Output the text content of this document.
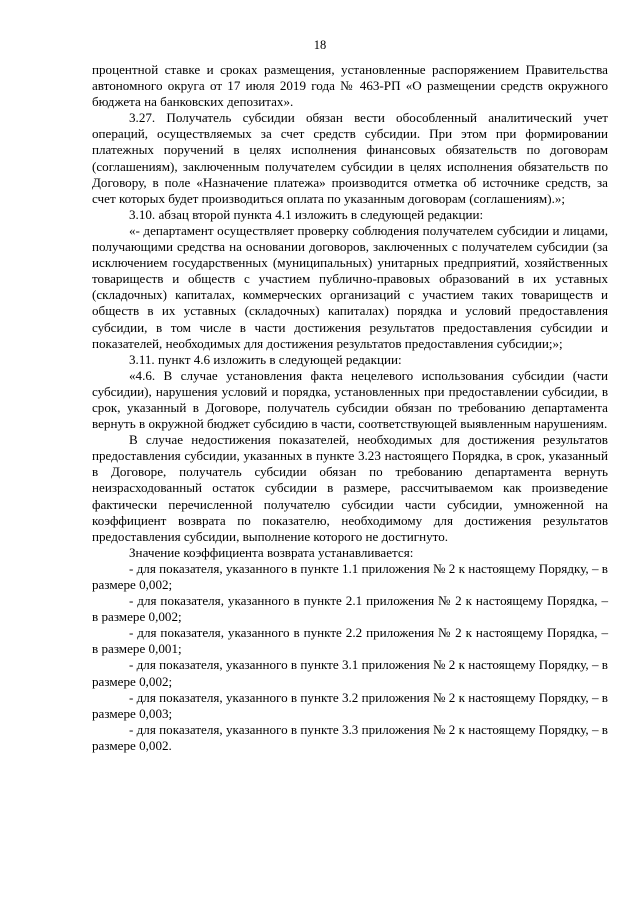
18

процентной ставке и сроках размещения, установленные распоряжением Правительства автономного округа от 17 июля 2019 года № 463-РП «О размещении средств окружного бюджета на банковских депозитах».

3.27. Получатель субсидии обязан вести обособленный аналитический учет операций, осуществляемых за счет средств субсидии. При этом при формировании платежных поручений в целях исполнения финансовых обязательств по договорам (соглашениям), заключенным получателем субсидии в целях исполнения обязательств по Договору, в поле «Назначение платежа» производится отметка об источнике средств, за счет которых будет производиться оплата по указанным договорам (соглашениям).»;

3.10. абзац второй пункта 4.1 изложить в следующей редакции:

«- департамент осуществляет проверку соблюдения получателем субсидии и лицами, получающими средства на основании договоров, заключенных с получателем субсидии (за исключением государственных (муниципальных) унитарных предприятий, хозяйственных товариществ и обществ с участием публично-правовых образований в их уставных (складочных) капиталах, коммерческих организаций с участием таких товариществ и обществ в их уставных (складочных) капиталах) порядка и условий предоставления субсидии, в том числе в части достижения результатов предоставления субсидии и показателей, необходимых для достижения результатов предоставления субсидии;»;

3.11. пункт 4.6 изложить в следующей редакции:

«4.6. В случае установления факта нецелевого использования субсидии (части субсидии), нарушения условий и порядка, установленных при предоставлении субсидии, в срок, указанный в Договоре, получатель субсидии обязан по требованию департамента вернуть в окружной бюджет субсидию в части, соответствующей выявленным нарушениям.

В случае недостижения показателей, необходимых для достижения результатов предоставления субсидии, указанных в пункте 3.23 настоящего Порядка, в срок, указанный в Договоре, получатель субсидии обязан по требованию департамента вернуть неизрасходованный остаток субсидии в размере, рассчитываемом как произведение фактически перечисленной получателю субсидии части субсидии, умноженной на коэффициент возврата по показателю, необходимому для достижения результатов предоставления субсидии, выполнение которого не достигнуто.

Значение коэффициента возврата устанавливается:

- для показателя, указанного в пункте 1.1 приложения № 2 к настоящему Порядку, – в размере 0,002;

- для показателя, указанного в пункте 2.1 приложения № 2 к настоящему Порядка, – в размере 0,002;

- для показателя, указанного в пункте 2.2 приложения № 2 к настоящему Порядка, – в размере 0,001;

- для показателя, указанного в пункте 3.1 приложения № 2 к настоящему Порядку, – в размере 0,002;

- для показателя, указанного в пункте 3.2 приложения № 2 к настоящему Порядку, – в размере 0,003;

- для показателя, указанного в пункте 3.3 приложения № 2 к настоящему Порядку, – в размере 0,002.
